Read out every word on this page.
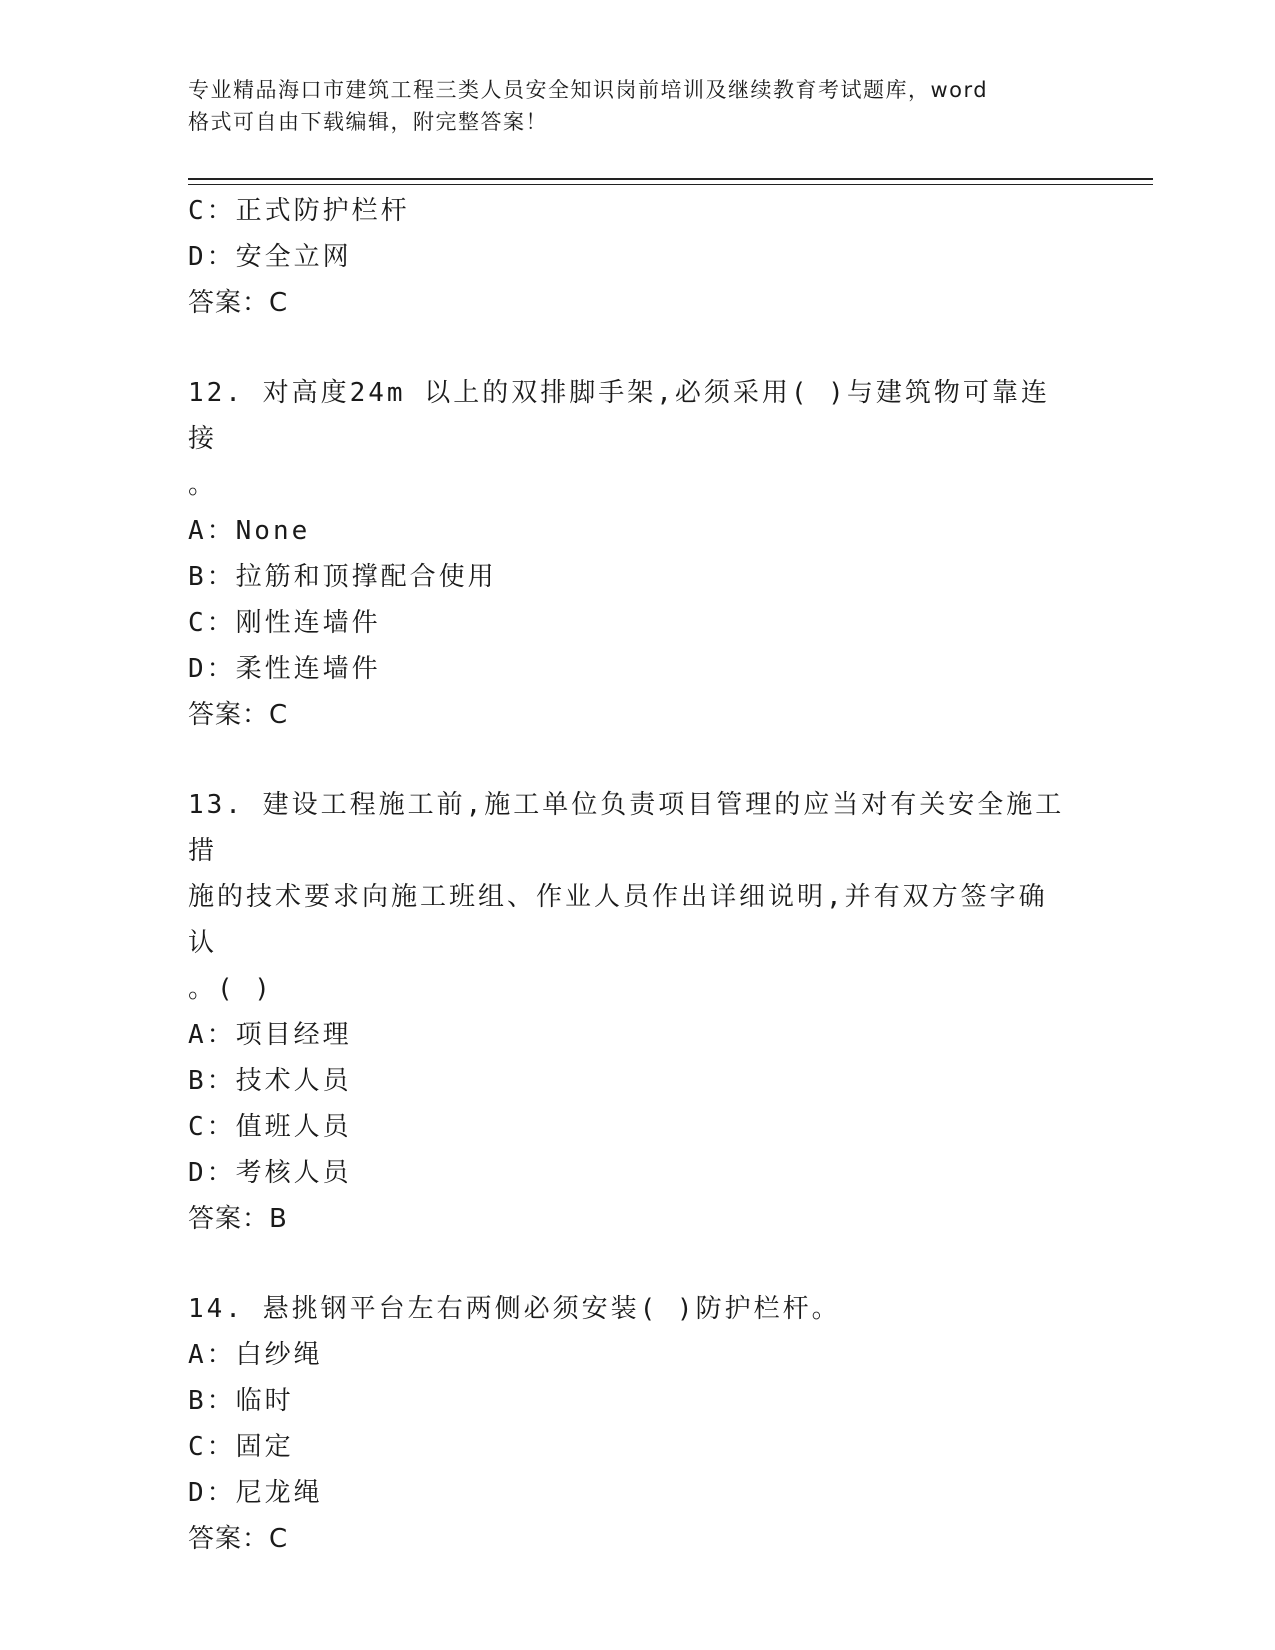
专业精品海口市建筑工程三类人员安全知识岗前培训及继续教育考试题库，word
格式可自由下载编辑，附完整答案！
C：正式防护栏杆
D：安全立网
答案：C
12. 对高度24m 以上的双排脚手架,必须采用( )与建筑物可靠连接
。
A：None
B：拉筋和顶撑配合使用
C：刚性连墙件
D：柔性连墙件
答案：C
13. 建设工程施工前,施工单位负责项目管理的应当对有关安全施工措
施的技术要求向施工班组、作业人员作出详细说明,并有双方签字确认
。( )
A：项目经理
B：技术人员
C：值班人员
D：考核人员
答案：B
14. 悬挑钢平台左右两侧必须安装( )防护栏杆。
A：白纱绳
B：临时
C：固定
D：尼龙绳
答案：C
